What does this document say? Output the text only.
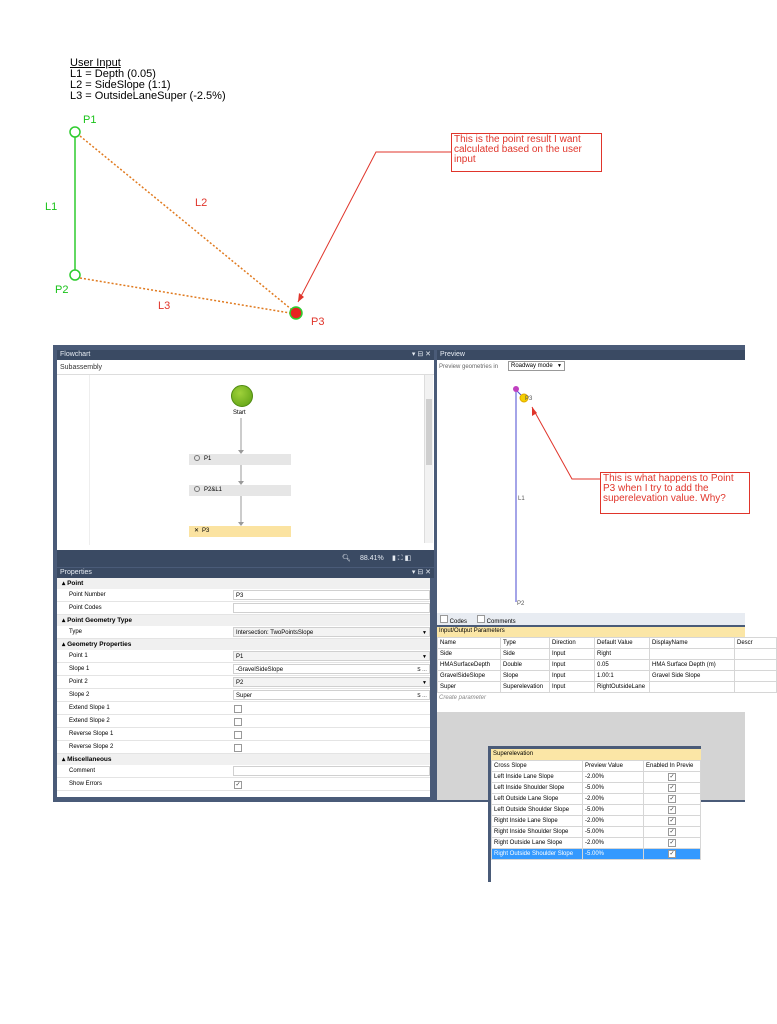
User Input
L1 = Depth (0.05)
L2 = SideSlope (1:1)
L3 = OutsideLaneSuper (-2.5%)
P1
L1
P2
L2
L3
P3
This is the point result I want calculated based on the user input
Flowchart	▾ ⊟ ✕
Subassembly
Start
P1
P2&L1
✕ P3
🔍︎ 88.41% ▮ ⛶ ◧
Properties	▾ ⊟ ✕
▴ Point
Point Number	P3
Point Codes
▴ Point Geometry Type
Type	Intersection: TwoPointsSlope	▼
▴ Geometry Properties
Point 1	P1	▼
Slope 1	-GravelSideSlope	S …
Point 2	P2	▼
Slope 2	Super	S …
Extend Slope 1
Extend Slope 2
Reverse Slope 1
Reverse Slope 2
▴ Miscellaneous
Comment
Show Errors	✓
Preview
Preview geometries in	Roadway mode ▼
P3
L1
P2
This is what happens to Point P3 when I try to add the superelevation value. Why?
Codes	Comments
Input/Output Parameters
Name	Type	Direction	Default Value	DisplayName	Descr
Side	Side	Input	Right		
HMASurfaceDepth	Double	Input	0.05	HMA Surface Depth (m)	
GravelSideSlope	Slope	Input	1.00:1	Gravel Side Slope	
Super	Superelevation	Input	RightOutsideLane		
Create parameter
Superelevation
Cross Slope	Preview Value	Enabled In Previe
Left Inside Lane Slope	-2.00%	✓
Left Inside Shoulder Slope	-5.00%	✓
Left Outside Lane Slope	-2.00%	✓
Left Outside Shoulder Slope	-5.00%	✓
Right Inside Lane Slope	-2.00%	✓
Right Inside Shoulder Slope	-5.00%	✓
Right Outside Lane Slope	-2.00%	✓
Right Outside Shoulder Slope	-5.00%	✓
